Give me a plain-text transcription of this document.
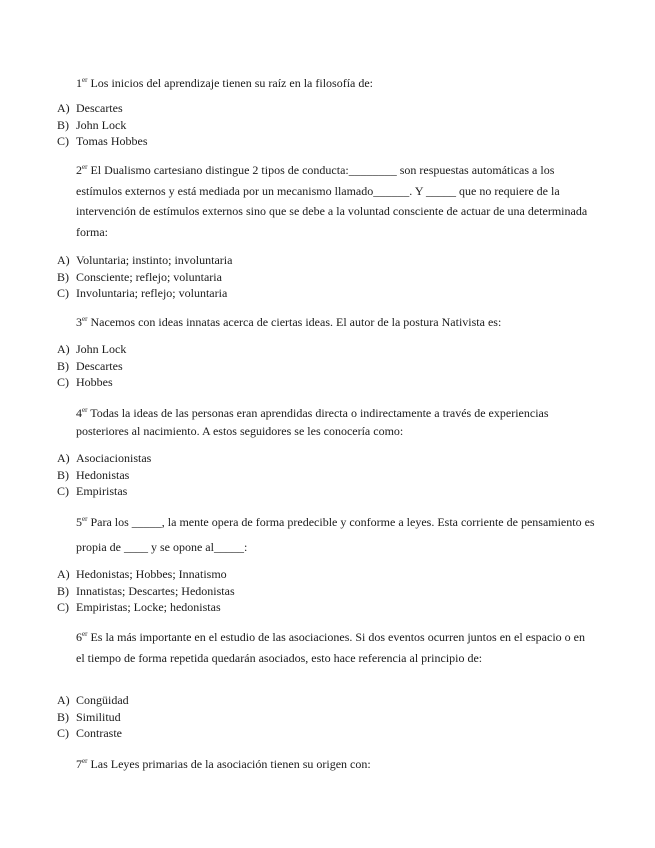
1er Los inicios del aprendizaje tienen su raíz en la filosofía de:

A) Descartes
B) John Lock
C) Tomas Hobbes

2er El Dualismo cartesiano distingue 2 tipos de conducta:________ son respuestas automáticas a los estímulos externos y está mediada por un mecanismo llamado______. Y _____ que no requiere de la intervención de estímulos externos sino que se debe a la voluntad consciente de actuar de una determinada forma:

A) Voluntaria; instinto; involuntaria
B) Consciente; reflejo; voluntaria
C) Involuntaria; reflejo; voluntaria

3er Nacemos con ideas innatas acerca de ciertas ideas. El autor de la postura Nativista es:

A) John Lock
B) Descartes
C) Hobbes

4er Todas la ideas de las personas eran aprendidas directa o indirectamente a través de experiencias posteriores al nacimiento. A estos seguidores se les conocería como:

A) Asociacionistas
B) Hedonistas
C) Empiristas

5er Para los _____, la mente opera de forma predecible y conforme a leyes. Esta corriente de pensamiento es propia de ____ y se opone al_____:

A) Hedonistas; Hobbes; Innatismo
B) Innatistas; Descartes; Hedonistas
C) Empiristas; Locke; hedonistas

6er Es la más importante en el estudio de las asociaciones. Si dos eventos ocurren juntos en el espacio o en el tiempo de forma repetida quedarán asociados, esto hace referencia al principio de:

A) Congüidad
B) Similitud
C) Contraste

7er Las Leyes primarias de la asociación tienen su origen con:
